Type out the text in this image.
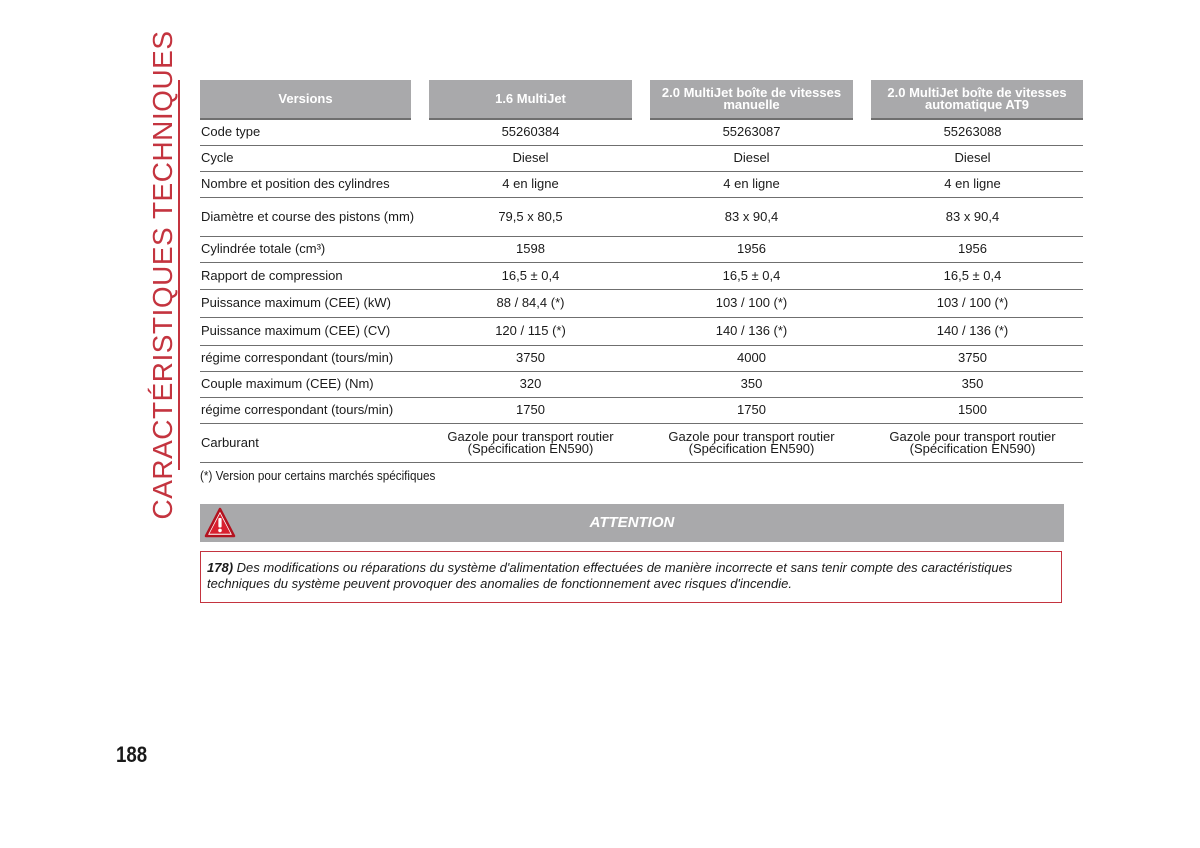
CARACTÉRISTIQUES TECHNIQUES	Versions	1.6 MultiJet	2.0 MultiJet boîte de vitesses manuelle	2.0 MultiJet boîte de vitesses automatique AT9
Code type	55260384	55263087	55263088
Cycle	Diesel	Diesel	Diesel
Nombre et position des cylindres	4 en ligne	4 en ligne	4 en ligne
Diamètre et course des pistons (mm)	79,5 x 80,5	83 x 90,4	83 x 90,4
Cylindrée totale (cm³)	1598	1956	1956
Rapport de compression	16,5 ± 0,4	16,5 ± 0,4	16,5 ± 0,4
Puissance maximum (CEE) (kW)	88 / 84,4 (*)	103 / 100 (*)	103 / 100 (*)
Puissance maximum (CEE) (CV)	120 / 115 (*)	140 / 136 (*)	140 / 136 (*)
régime correspondant (tours/min)	3750	4000	3750
Couple maximum (CEE) (Nm)	320	350	350
régime correspondant (tours/min)	1750	1750	1500
Carburant	Gazole pour transport routier (Spécification EN590)	Gazole pour transport routier (Spécification EN590)	Gazole pour transport routier (Spécification EN590)
(*) Version pour certains marchés spécifiques
ATTENTION
178) Des modifications ou réparations du système d'alimentation effectuées de manière incorrecte et sans tenir compte des caractéristiques techniques du système peuvent provoquer des anomalies de fonctionnement avec risques d'incendie.
188
